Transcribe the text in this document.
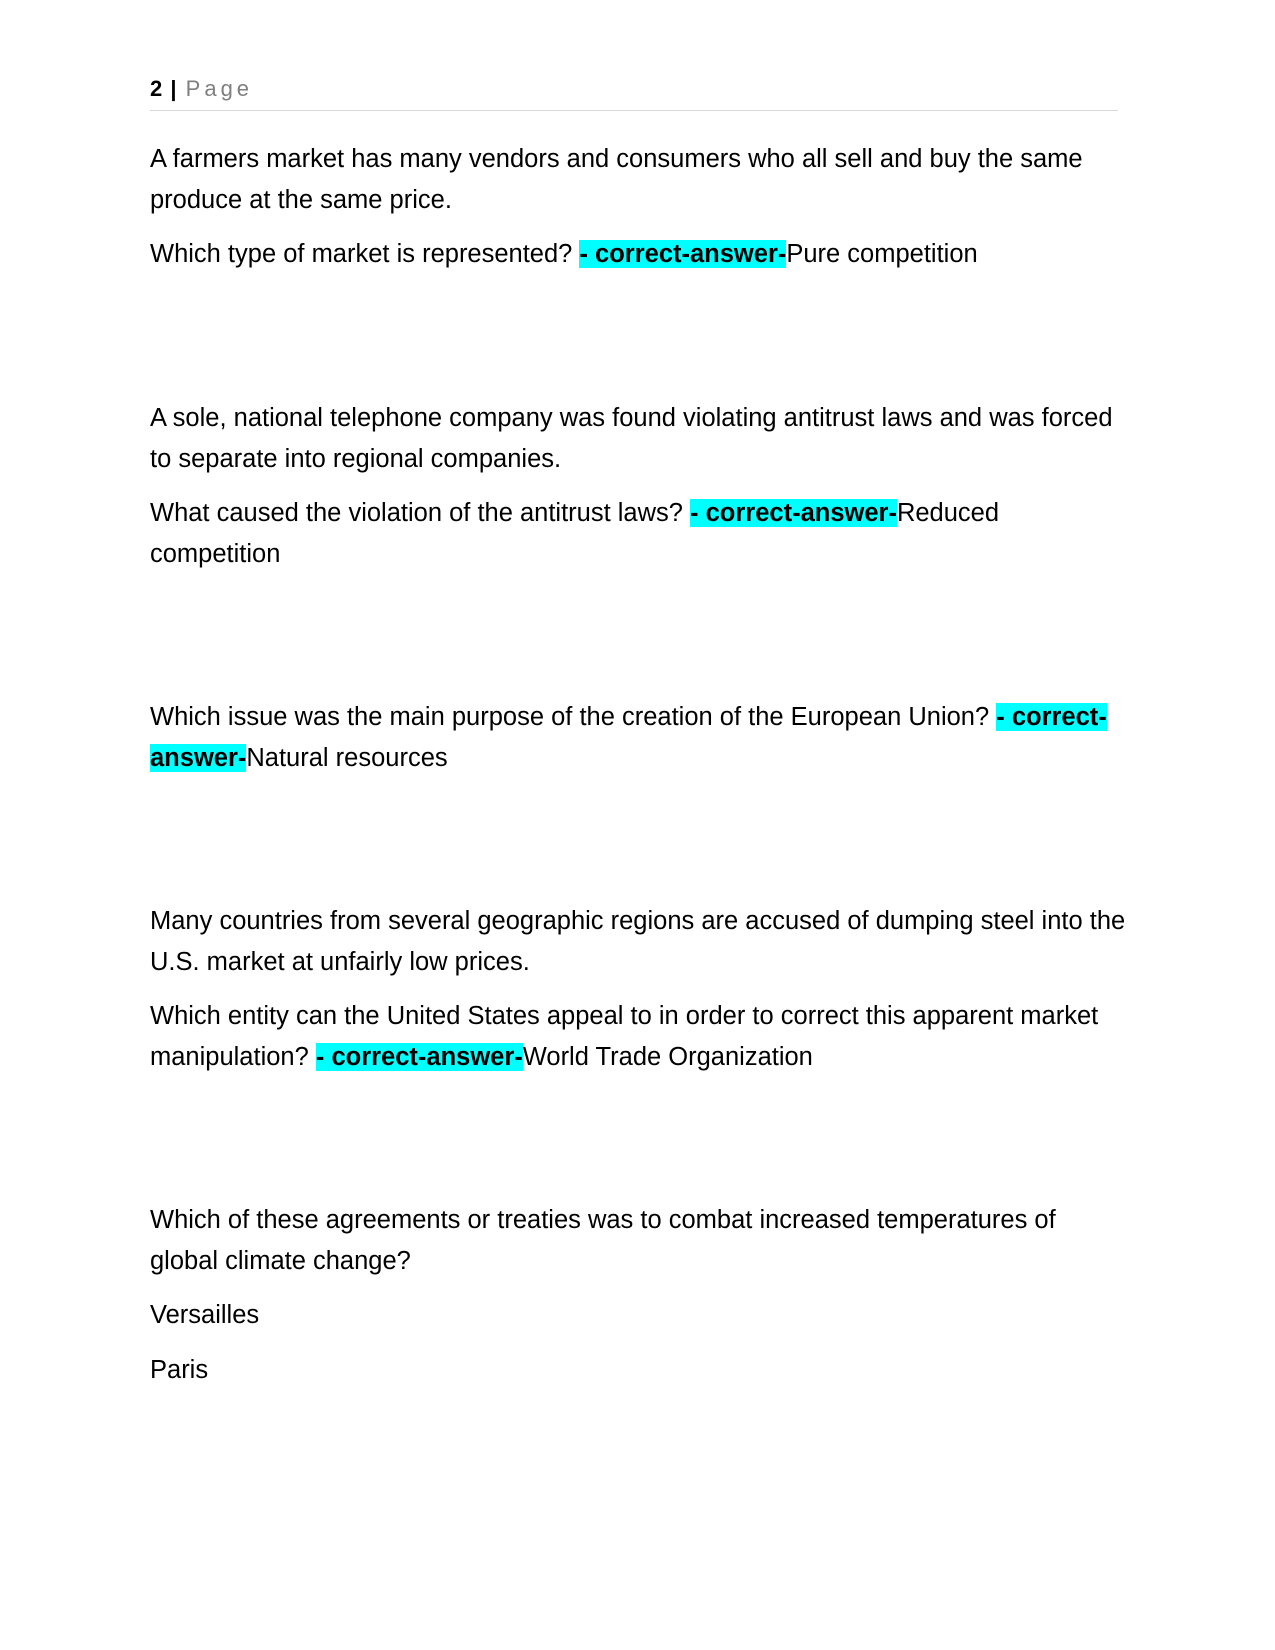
2 | Page

A farmers market has many vendors and consumers who all sell and buy the same produce at the same price.

Which type of market is represented? - correct-answer-Pure competition

A sole, national telephone company was found violating antitrust laws and was forced to separate into regional companies.

What caused the violation of the antitrust laws? - correct-answer-Reduced competition

Which issue was the main purpose of the creation of the European Union? - correct-answer-Natural resources

Many countries from several geographic regions are accused of dumping steel into the U.S. market at unfairly low prices.

Which entity can the United States appeal to in order to correct this apparent market manipulation? - correct-answer-World Trade Organization

Which of these agreements or treaties was to combat increased temperatures of global climate change?

Versailles

Paris
